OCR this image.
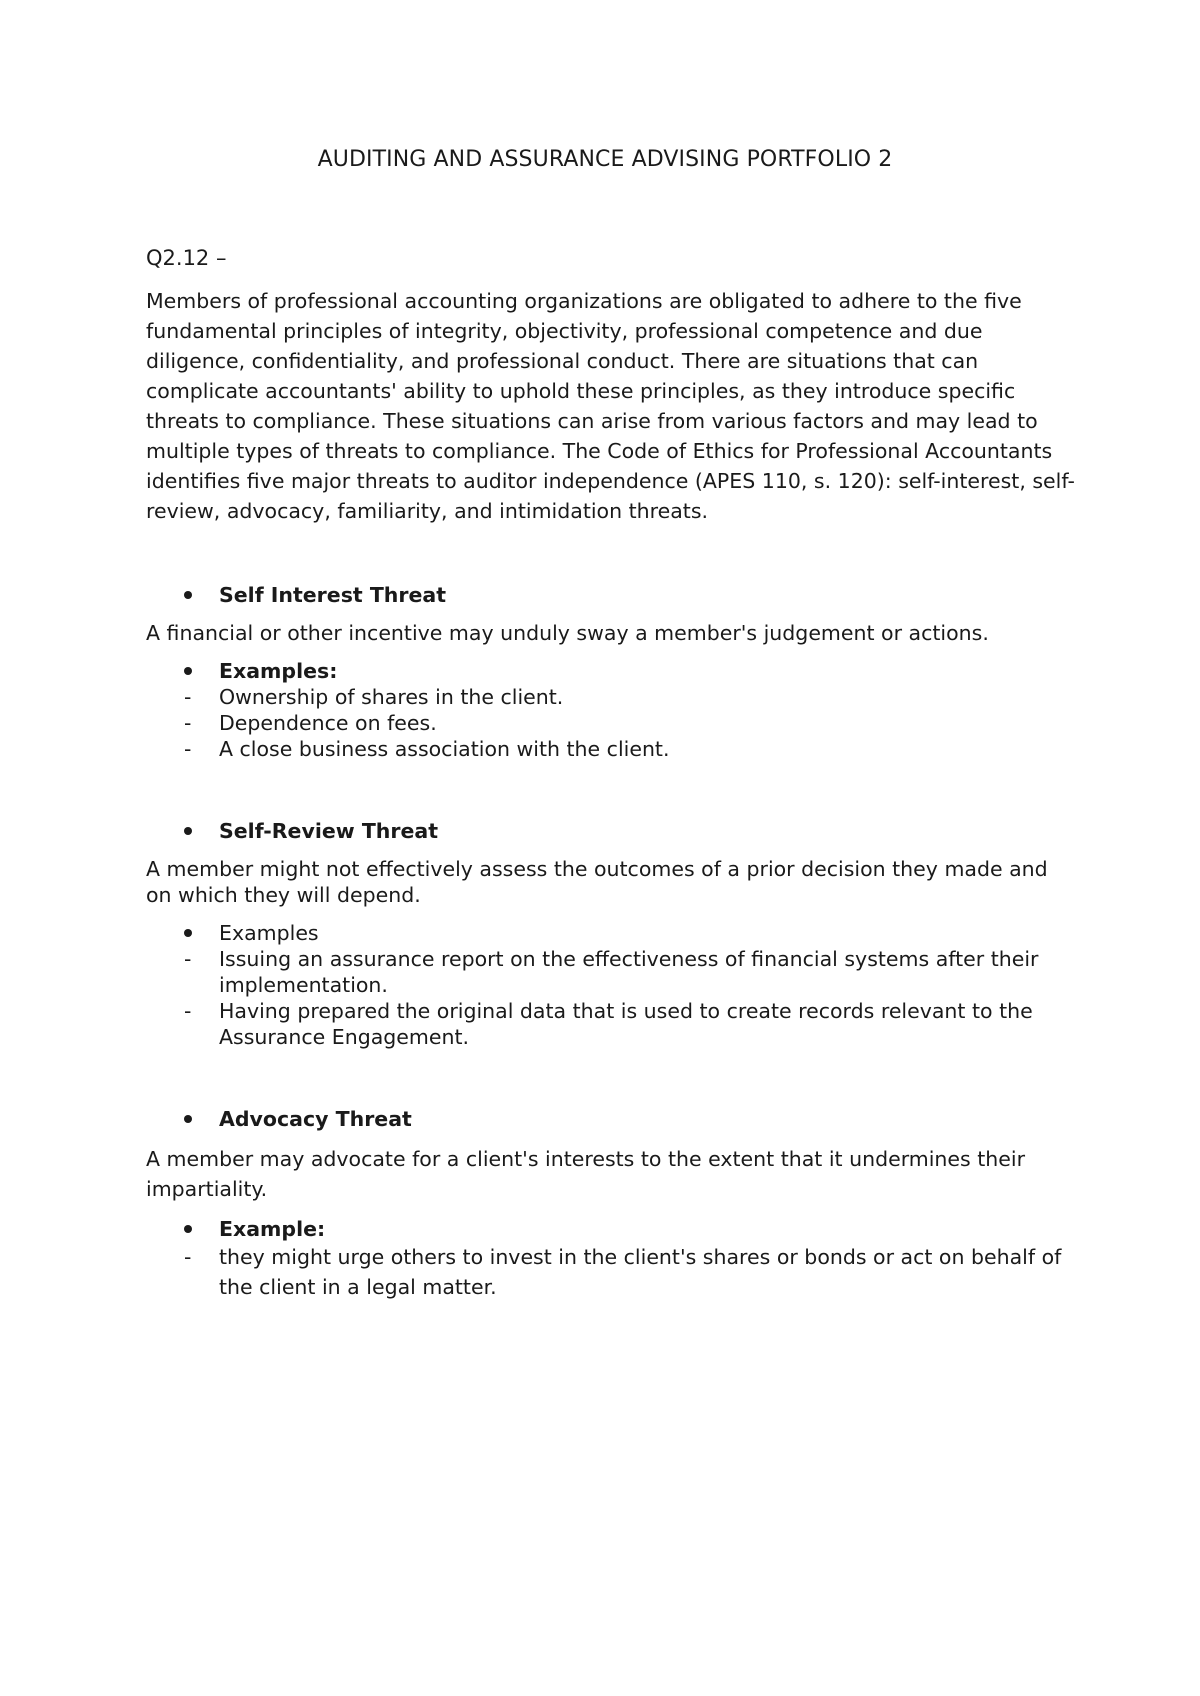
AUDITING AND ASSURANCE ADVISING PORTFOLIO 2

Q2.12 –

Members of professional accounting organizations are obligated to adhere to the five fundamental principles of integrity, objectivity, professional competence and due diligence, confidentiality, and professional conduct. There are situations that can complicate accountants' ability to uphold these principles, as they introduce specific threats to compliance. These situations can arise from various factors and may lead to multiple types of threats to compliance. The Code of Ethics for Professional Accountants identifies five major threats to auditor independence (APES 110, s. 120): self-interest, self-review, advocacy, familiarity, and intimidation threats.

Self Interest Threat

A financial or other incentive may unduly sway a member's judgement or actions.

Examples:
-	Ownership of shares in the client.
-	Dependence on fees.
-	A close business association with the client.
Self-Review Threat

A member might not effectively assess the outcomes of a prior decision they made and on which they will depend.

Examples
-	Issuing an assurance report on the effectiveness of financial systems after their implementation.
-	Having prepared the original data that is used to create records relevant to the Assurance Engagement.
Advocacy Threat

A member may advocate for a client's interests to the extent that it undermines their impartiality.

Example:
-	they might urge others to invest in the client's shares or bonds or act on behalf of the client in a legal matter.
